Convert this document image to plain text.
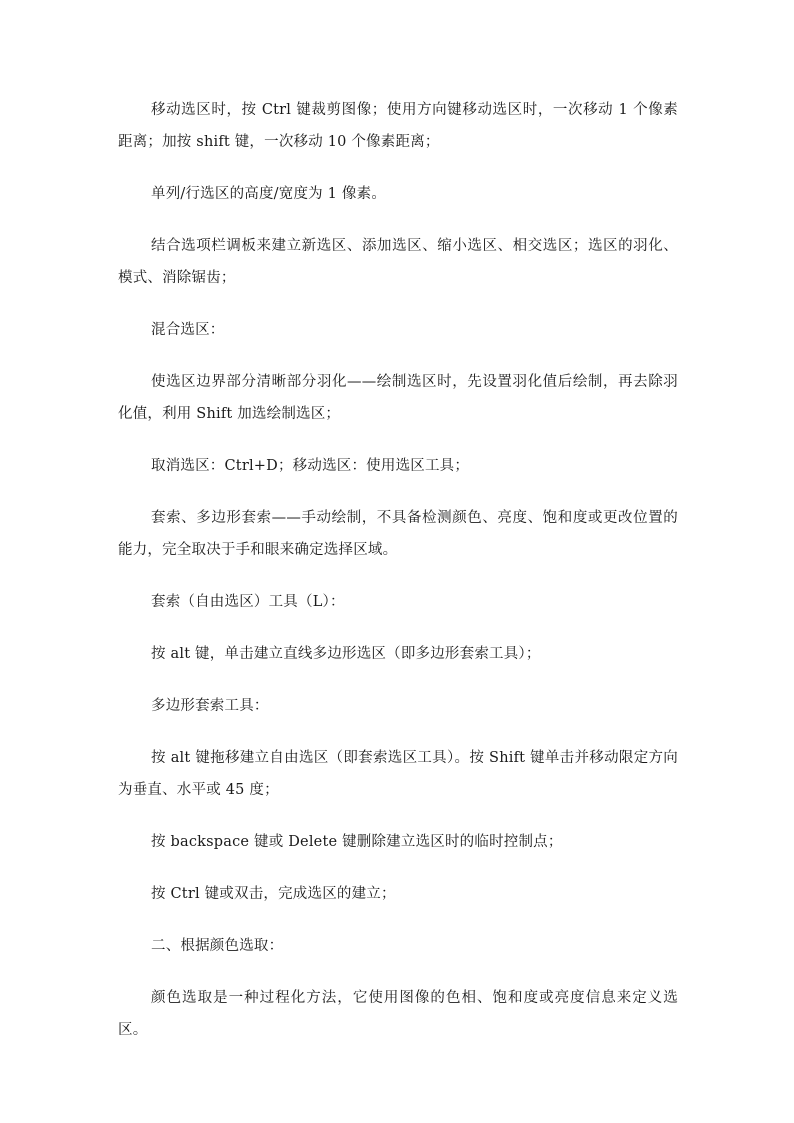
移动选区时，按 Ctrl 键裁剪图像；使用方向键移动选区时，一次移动 1 个像素距离；加按 shift 键，一次移动 10 个像素距离；

单列/行选区的高度/宽度为 1 像素。

结合选项栏调板来建立新选区、添加选区、缩小选区、相交选区；选区的羽化、模式、消除锯齿；

混合选区：

使选区边界部分清晰部分羽化——绘制选区时，先设置羽化值后绘制，再去除羽化值，利用 Shift 加选绘制选区；

取消选区：Ctrl+D；移动选区：使用选区工具；

套索、多边形套索——手动绘制，不具备检测颜色、亮度、饱和度或更改位置的能力，完全取决于手和眼来确定选择区域。

套索（自由选区）工具（L）：

按 alt 键，单击建立直线多边形选区（即多边形套索工具）；

多边形套索工具：

按 alt 键拖移建立自由选区（即套索选区工具）。按 Shift 键单击并移动限定方向为垂直、水平或 45 度；

按 backspace 键或 Delete 键删除建立选区时的临时控制点；

按 Ctrl 键或双击，完成选区的建立；

二、根据颜色选取：

颜色选取是一种过程化方法，它使用图像的色相、饱和度或亮度信息来定义选区。
